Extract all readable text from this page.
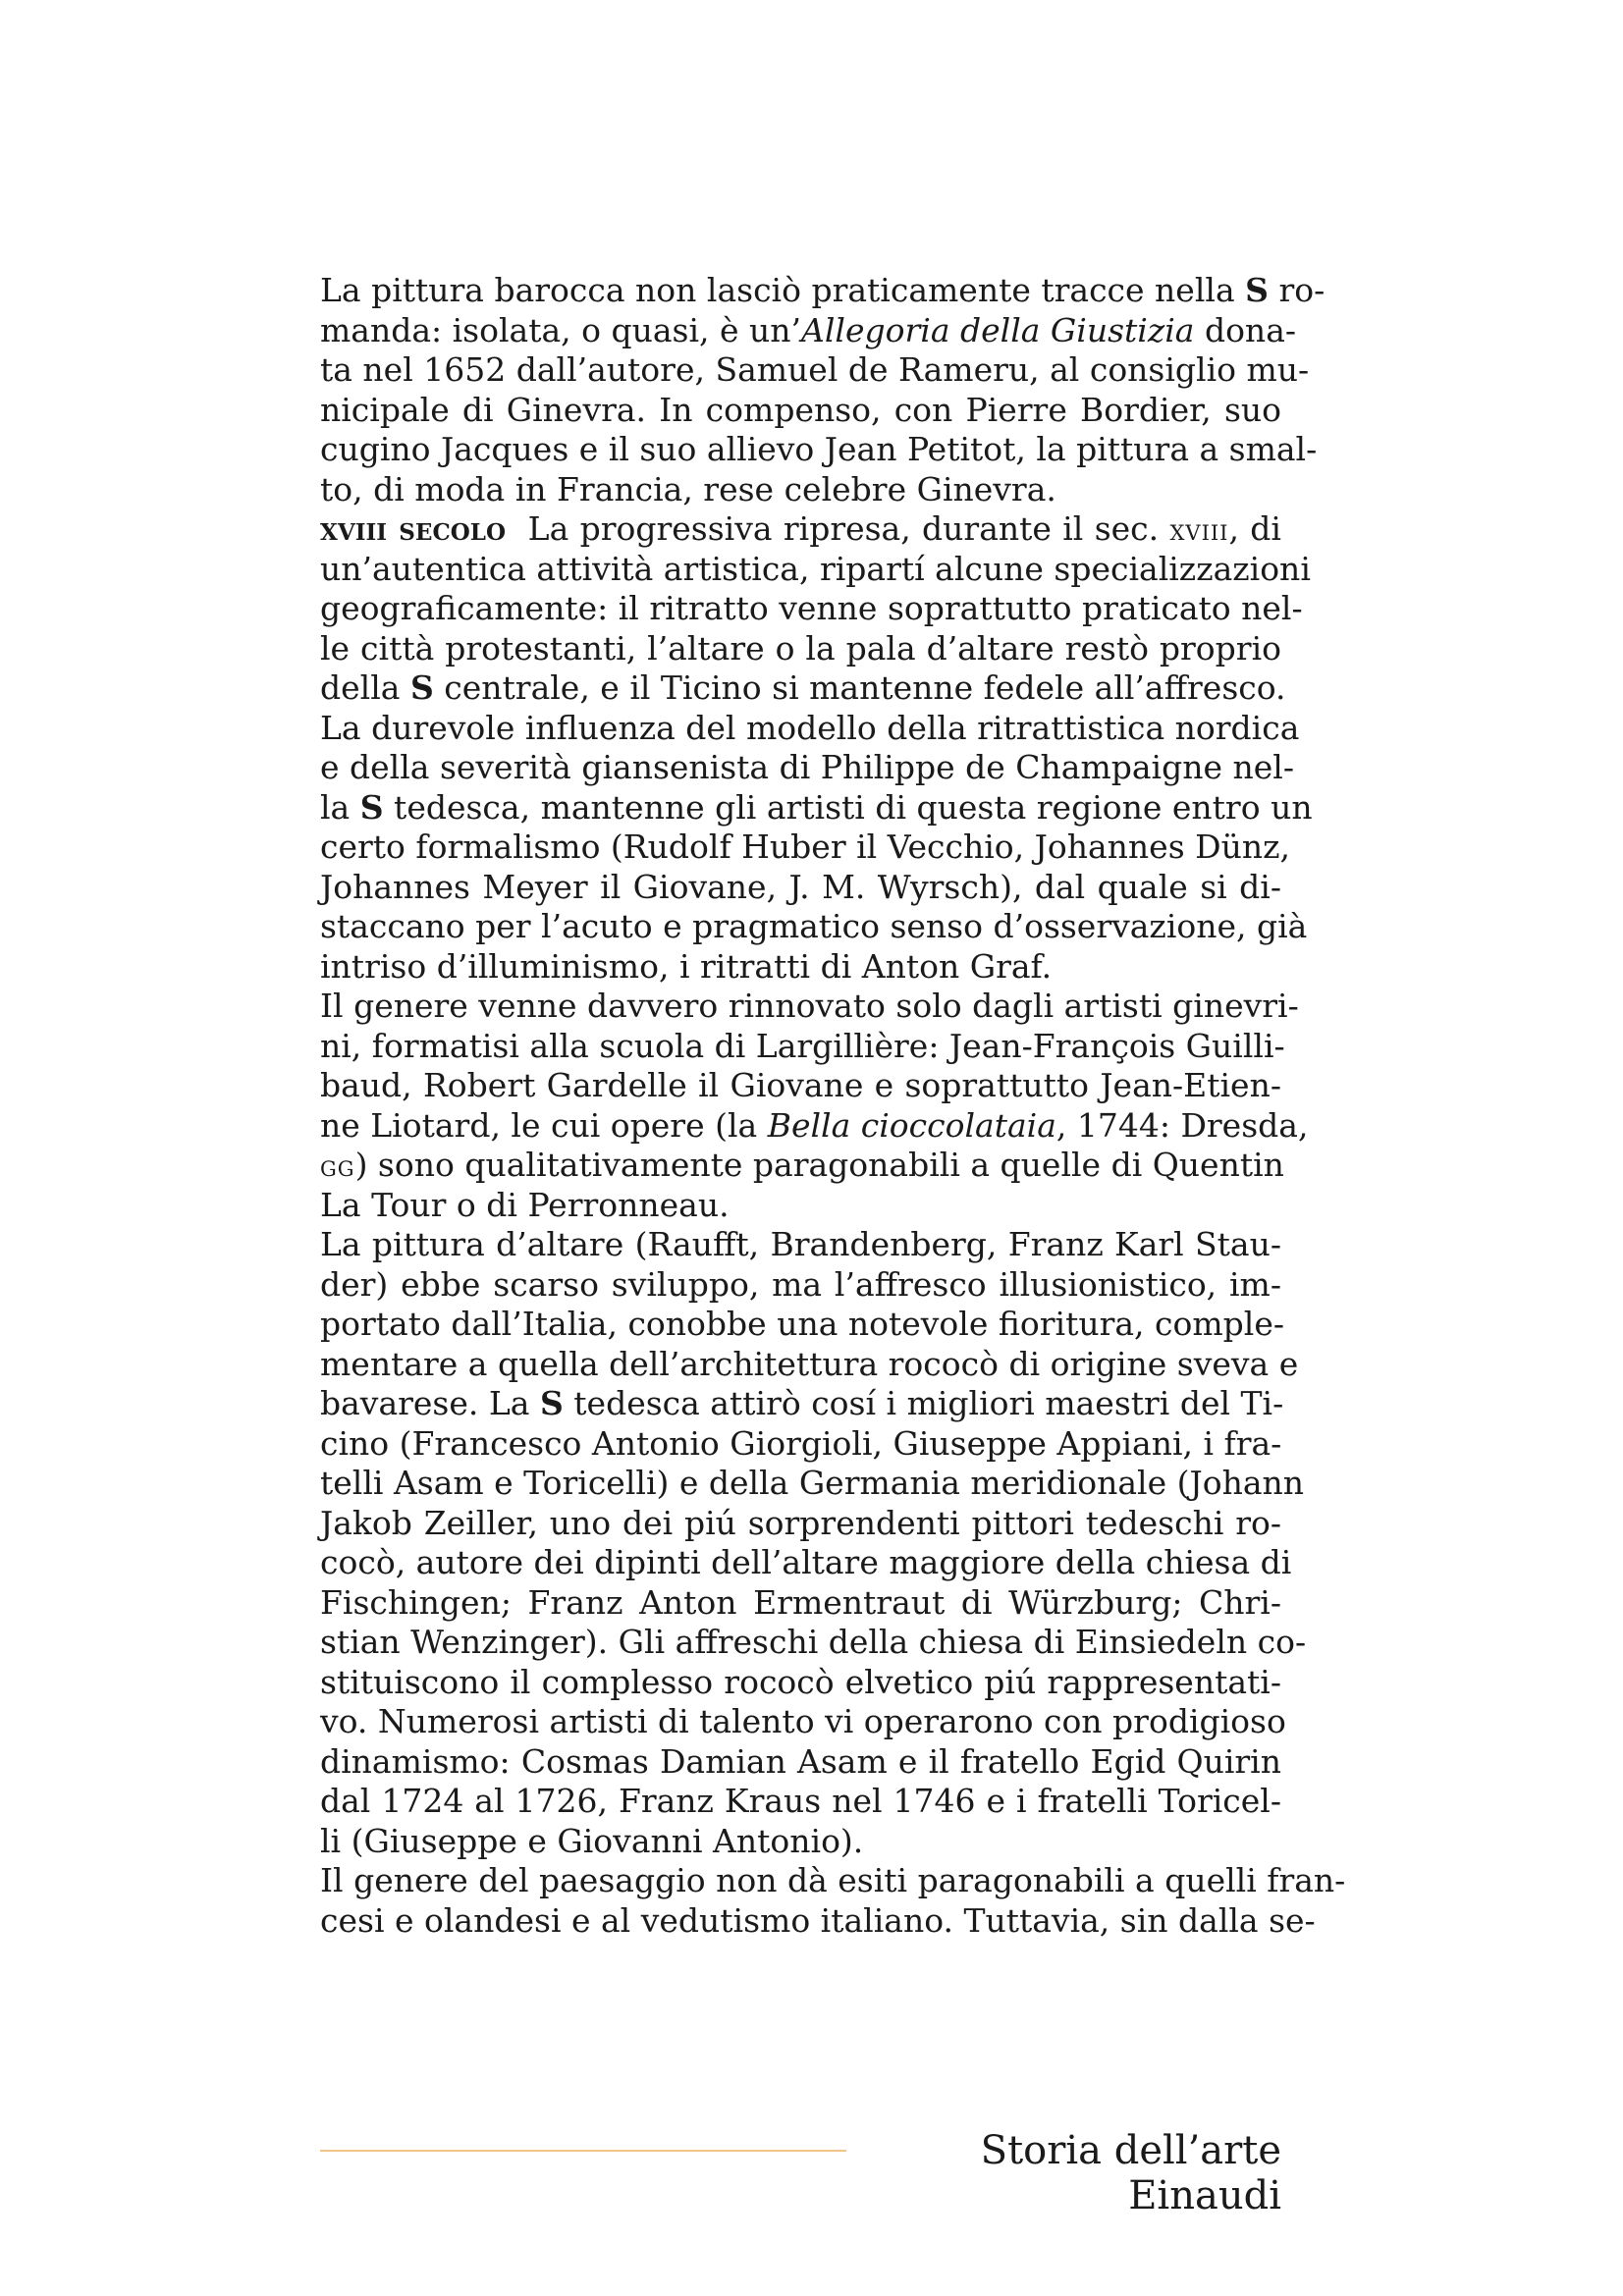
La pittura barocca non lasciò praticamente tracce nella S ro-
manda: isolata, o quasi, è un’Allegoria della Giustizia dona-
ta nel 1652 dall’autore, Samuel de Rameru, al consiglio mu-
nicipale di Ginevra. In compenso, con Pierre Bordier, suo
cugino Jacques e il suo allievo Jean Petitot, la pittura a smal-
to, di moda in Francia, rese celebre Ginevra.
xviii secolo  La progressiva ripresa, durante il sec. xviii, di
un’autentica attività artistica, ripartí alcune specializzazioni
geograficamente: il ritratto venne soprattutto praticato nel-
le città protestanti, l’altare o la pala d’altare restò proprio
della S centrale, e il Ticino si mantenne fedele all’affresco.
La durevole influenza del modello della ritrattistica nordica
e della severità giansenista di Philippe de Champaigne nel-
la S tedesca, mantenne gli artisti di questa regione entro un
certo formalismo (Rudolf Huber il Vecchio, Johannes Dünz,
Johannes Meyer il Giovane, J. M. Wyrsch), dal quale si di-
staccano per l’acuto e pragmatico senso d’osservazione, già
intriso d’illuminismo, i ritratti di Anton Graf.
Il genere venne davvero rinnovato solo dagli artisti ginevri-
ni, formatisi alla scuola di Largillière: Jean-François Guilli-
baud, Robert Gardelle il Giovane e soprattutto Jean-Etien-
ne Liotard, le cui opere (la Bella cioccolataia, 1744: Dresda,
gg) sono qualitativamente paragonabili a quelle di Quentin
La Tour o di Perronneau.
La pittura d’altare (Raufft, Brandenberg, Franz Karl Stau-
der) ebbe scarso sviluppo, ma l’affresco illusionistico, im-
portato dall’Italia, conobbe una notevole fioritura, comple-
mentare a quella dell’architettura rococò di origine sveva e
bavarese. La S tedesca attirò cosí i migliori maestri del Ti-
cino (Francesco Antonio Giorgioli, Giuseppe Appiani, i fra-
telli Asam e Toricelli) e della Germania meridionale (Johann
Jakob Zeiller, uno dei piú sorprendenti pittori tedeschi ro-
cocò, autore dei dipinti dell’altare maggiore della chiesa di
Fischingen; Franz Anton Ermentraut di Würzburg; Chri-
stian Wenzinger). Gli affreschi della chiesa di Einsiedeln co-
stituiscono il complesso rococò elvetico piú rappresentati-
vo. Numerosi artisti di talento vi operarono con prodigioso
dinamismo: Cosmas Damian Asam e il fratello Egid Quirin
dal 1724 al 1726, Franz Kraus nel 1746 e i fratelli Toricel-
li (Giuseppe e Giovanni Antonio).
Il genere del paesaggio non dà esiti paragonabili a quelli fran-
cesi e olandesi e al vedutismo italiano. Tuttavia, sin dalla se-
Storia dell’arte Einaudi
